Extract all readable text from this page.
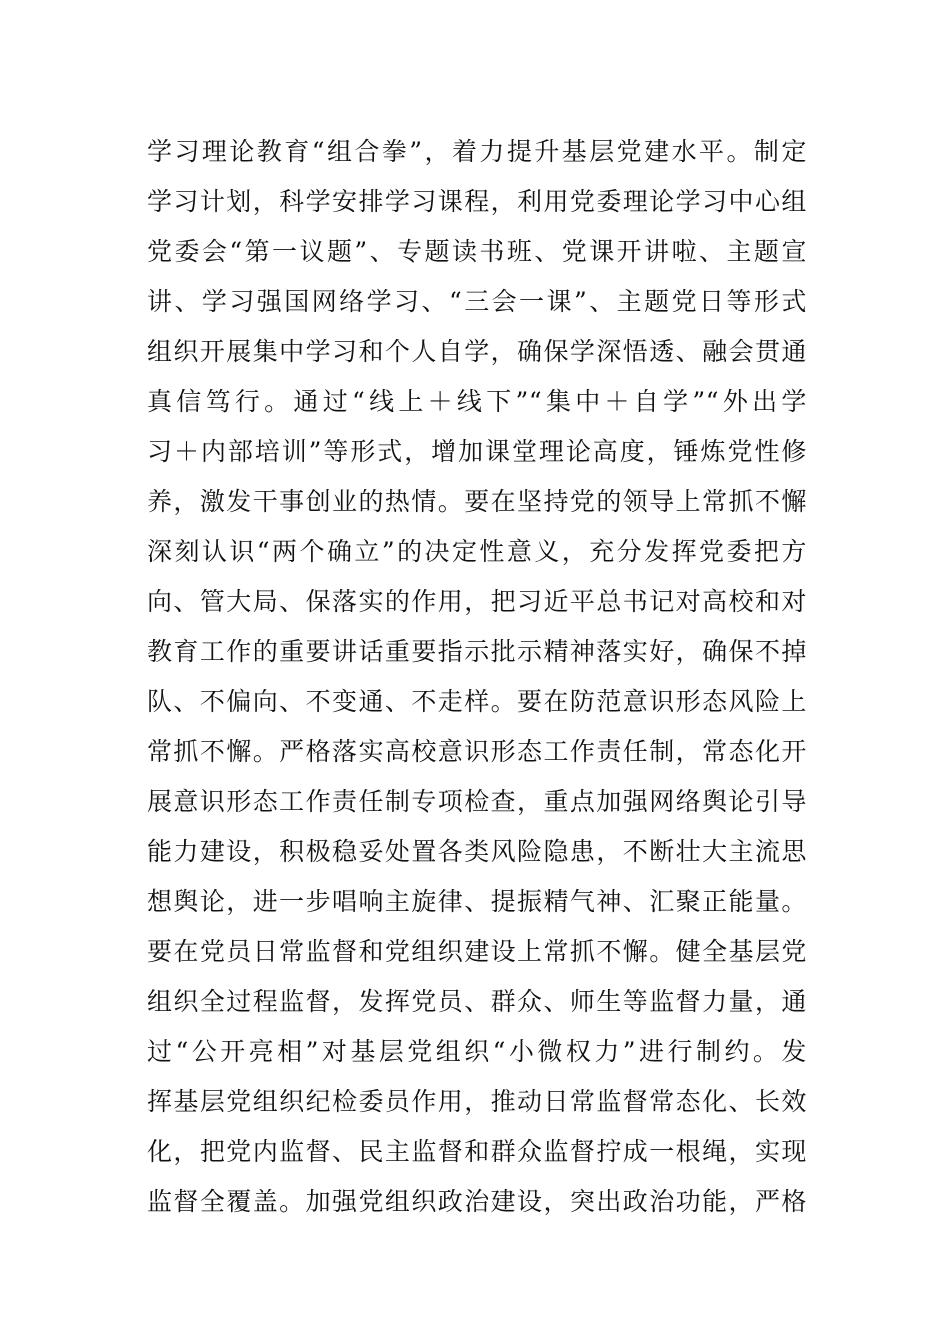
学习理论教育“组合拳”，着力提升基层党建水平。制定
学习计划，科学安排学习课程，利用党委理论学习中心组
党委会“第一议题”、专题读书班、党课开讲啦、主题宣
讲、学习强国网络学习、“三会一课”、主题党日等形式
组织开展集中学习和个人自学，确保学深悟透、融会贯通
真信笃行。通过“线上＋线下”“集中＋自学”“外出学
习＋内部培训”等形式，增加课堂理论高度，锤炼党性修
养，激发干事创业的热情。要在坚持党的领导上常抓不懈
深刻认识“两个确立”的决定性意义，充分发挥党委把方
向、管大局、保落实的作用，把习近平总书记对高校和对
教育工作的重要讲话重要指示批示精神落实好，确保不掉
队、不偏向、不变通、不走样。要在防范意识形态风险上
常抓不懈。严格落实高校意识形态工作责任制，常态化开
展意识形态工作责任制专项检查，重点加强网络舆论引导
能力建设，积极稳妥处置各类风险隐患，不断壮大主流思
想舆论，进一步唱响主旋律、提振精气神、汇聚正能量。
要在党员日常监督和党组织建设上常抓不懈。健全基层党
组织全过程监督，发挥党员、群众、师生等监督力量，通
过“公开亮相”对基层党组织“小微权力”进行制约。发
挥基层党组织纪检委员作用，推动日常监督常态化、长效
化，把党内监督、民主监督和群众监督拧成一根绳，实现
监督全覆盖。加强党组织政治建设，突出政治功能，严格
